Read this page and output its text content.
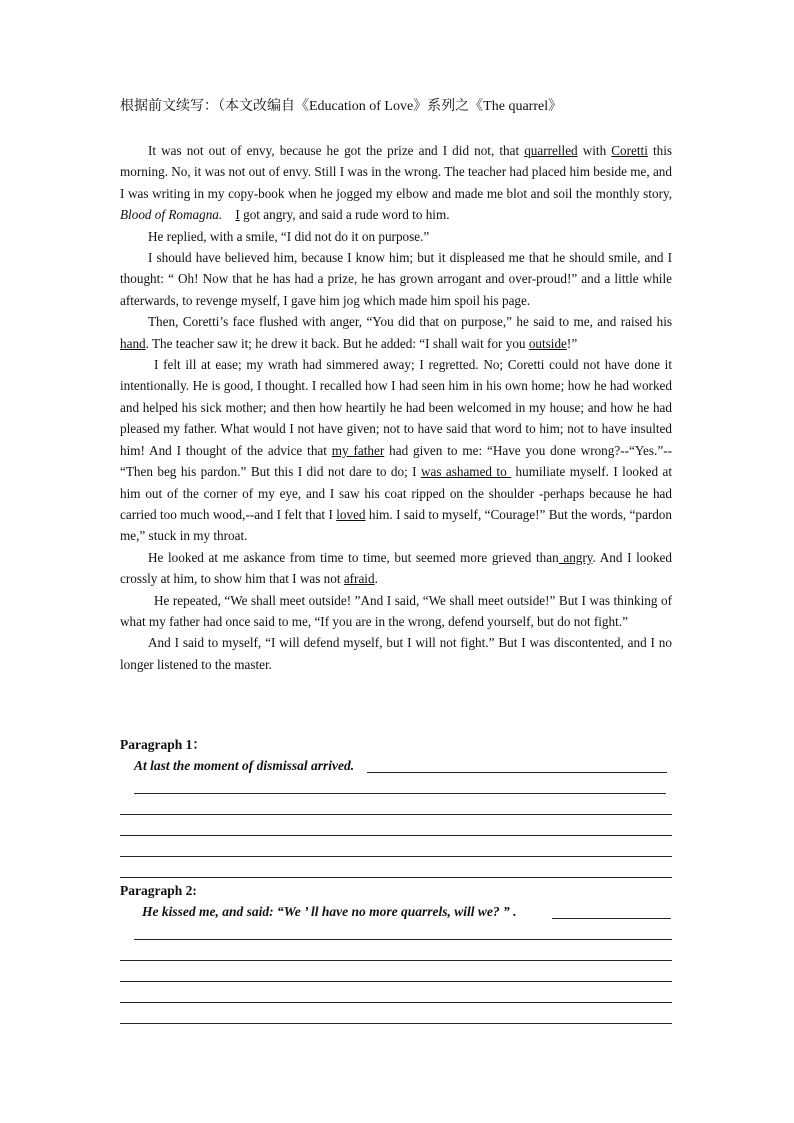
根据前文续写：（本文改编自《Education of Love》系列之《The quarrel》

It was not out of envy, because he got the prize and I did not, that quarrelled with Coretti this morning. No, it was not out of envy. Still I was in the wrong. The teacher had placed him beside me, and I was writing in my copy-book when he jogged my elbow and made me blot and soil the monthly story, Blood of Romagna. I got angry, and said a rude word to him.

He replied, with a smile, “I did not do it on purpose.”

I should have believed him, because I know him; but it displeased me that he should smile, and I thought: “ Oh! Now that he has had a prize, he has grown arrogant and over-proud!” and a little while afterwards, to revenge myself, I gave him jog which made him spoil his page.

Then, Coretti’s face flushed with anger, “You did that on purpose,” he said to me, and raised his hand. The teacher saw it; he drew it back. But he added: “I shall wait for you outside!”

I felt ill at ease; my wrath had simmered away; I regretted. No; Coretti could not have done it intentionally. He is good, I thought. I recalled how I had seen him in his own home; how he had worked and helped his sick mother; and then how heartily he had been welcomed in my house; and how he had pleased my father. What would I not have given; not to have said that word to him; not to have insulted him! And I thought of the advice that my father had given to me: “Have you done wrong?--“Yes.”-- “Then beg his pardon.” But this I did not dare to do; I was ashamed to  humiliate myself. I looked at him out of the corner of my eye, and I saw his coat ripped on the shoulder -perhaps because he had carried too much wood,--and I felt that I loved him. I said to myself, “Courage!” But the words, “pardon me,” stuck in my throat.

He looked at me askance from time to time, but seemed more grieved than angry. And I looked crossly at him, to show him that I was not afraid.

He repeated, “We shall meet outside! ”And I said, “We shall meet outside!” But I was thinking of what my father had once said to me, “If you are in the wrong, defend yourself, but do not fight.”

And I said to myself, “I will defend myself, but I will not fight.” But I was discontented, and I no longer listened to the master.

Paragraph 1：
At last the moment of dismissal arrived.
Paragraph 2:
He kissed me, and said: “We ’ ll have no more quarrels, will we? ” .
